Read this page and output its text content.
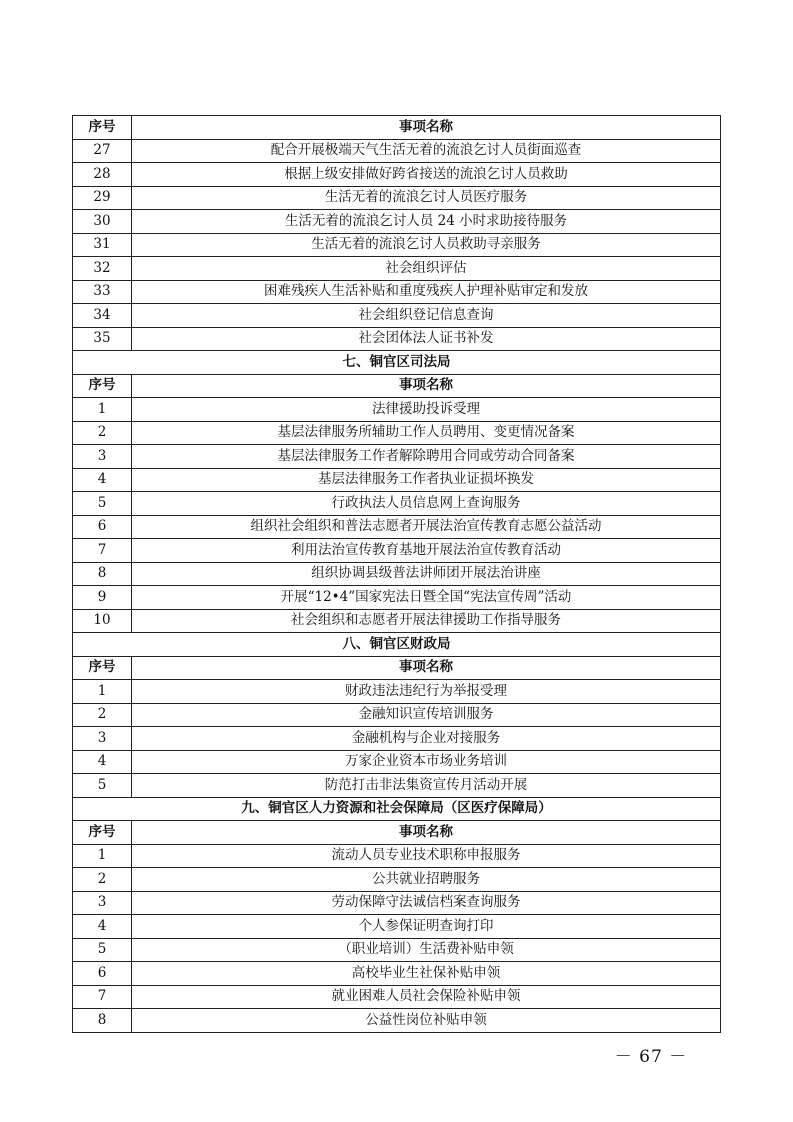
序号	事项名称
27	配合开展极端天气生活无着的流浪乞讨人员街面巡查
28	根据上级安排做好跨省接送的流浪乞讨人员救助
29	生活无着的流浪乞讨人员医疗服务
30	生活无着的流浪乞讨人员 24 小时求助接待服务
31	生活无着的流浪乞讨人员救助寻亲服务
32	社会组织评估
33	困难残疾人生活补贴和重度残疾人护理补贴审定和发放
34	社会组织登记信息查询
35	社会团体法人证书补发
七、铜官区司法局	
序号	事项名称
1	法律援助投诉受理
2	基层法律服务所辅助工作人员聘用、变更情况备案
3	基层法律服务工作者解除聘用合同或劳动合同备案
4	基层法律服务工作者执业证损坏换发
5	行政执法人员信息网上查询服务
6	组织社会组织和普法志愿者开展法治宣传教育志愿公益活动
7	利用法治宣传教育基地开展法治宣传教育活动
8	组织协调县级普法讲师团开展法治讲座
9	开展“12•4”国家宪法日暨全国“宪法宣传周”活动
10	社会组织和志愿者开展法律援助工作指导服务
八、铜官区财政局	
序号	事项名称
1	财政违法违纪行为举报受理
2	金融知识宣传培训服务
3	金融机构与企业对接服务
4	万家企业资本市场业务培训
5	防范打击非法集资宣传月活动开展
九、铜官区人力资源和社会保障局（区医疗保障局）	
序号	事项名称
1	流动人员专业技术职称申报服务
2	公共就业招聘服务
3	劳动保障守法诚信档案查询服务
4	个人参保证明查询打印
5	（职业培训）生活费补贴申领
6	高校毕业生社保补贴申领
7	就业困难人员社会保险补贴申领
8	公益性岗位补贴申领
－ 67 －
